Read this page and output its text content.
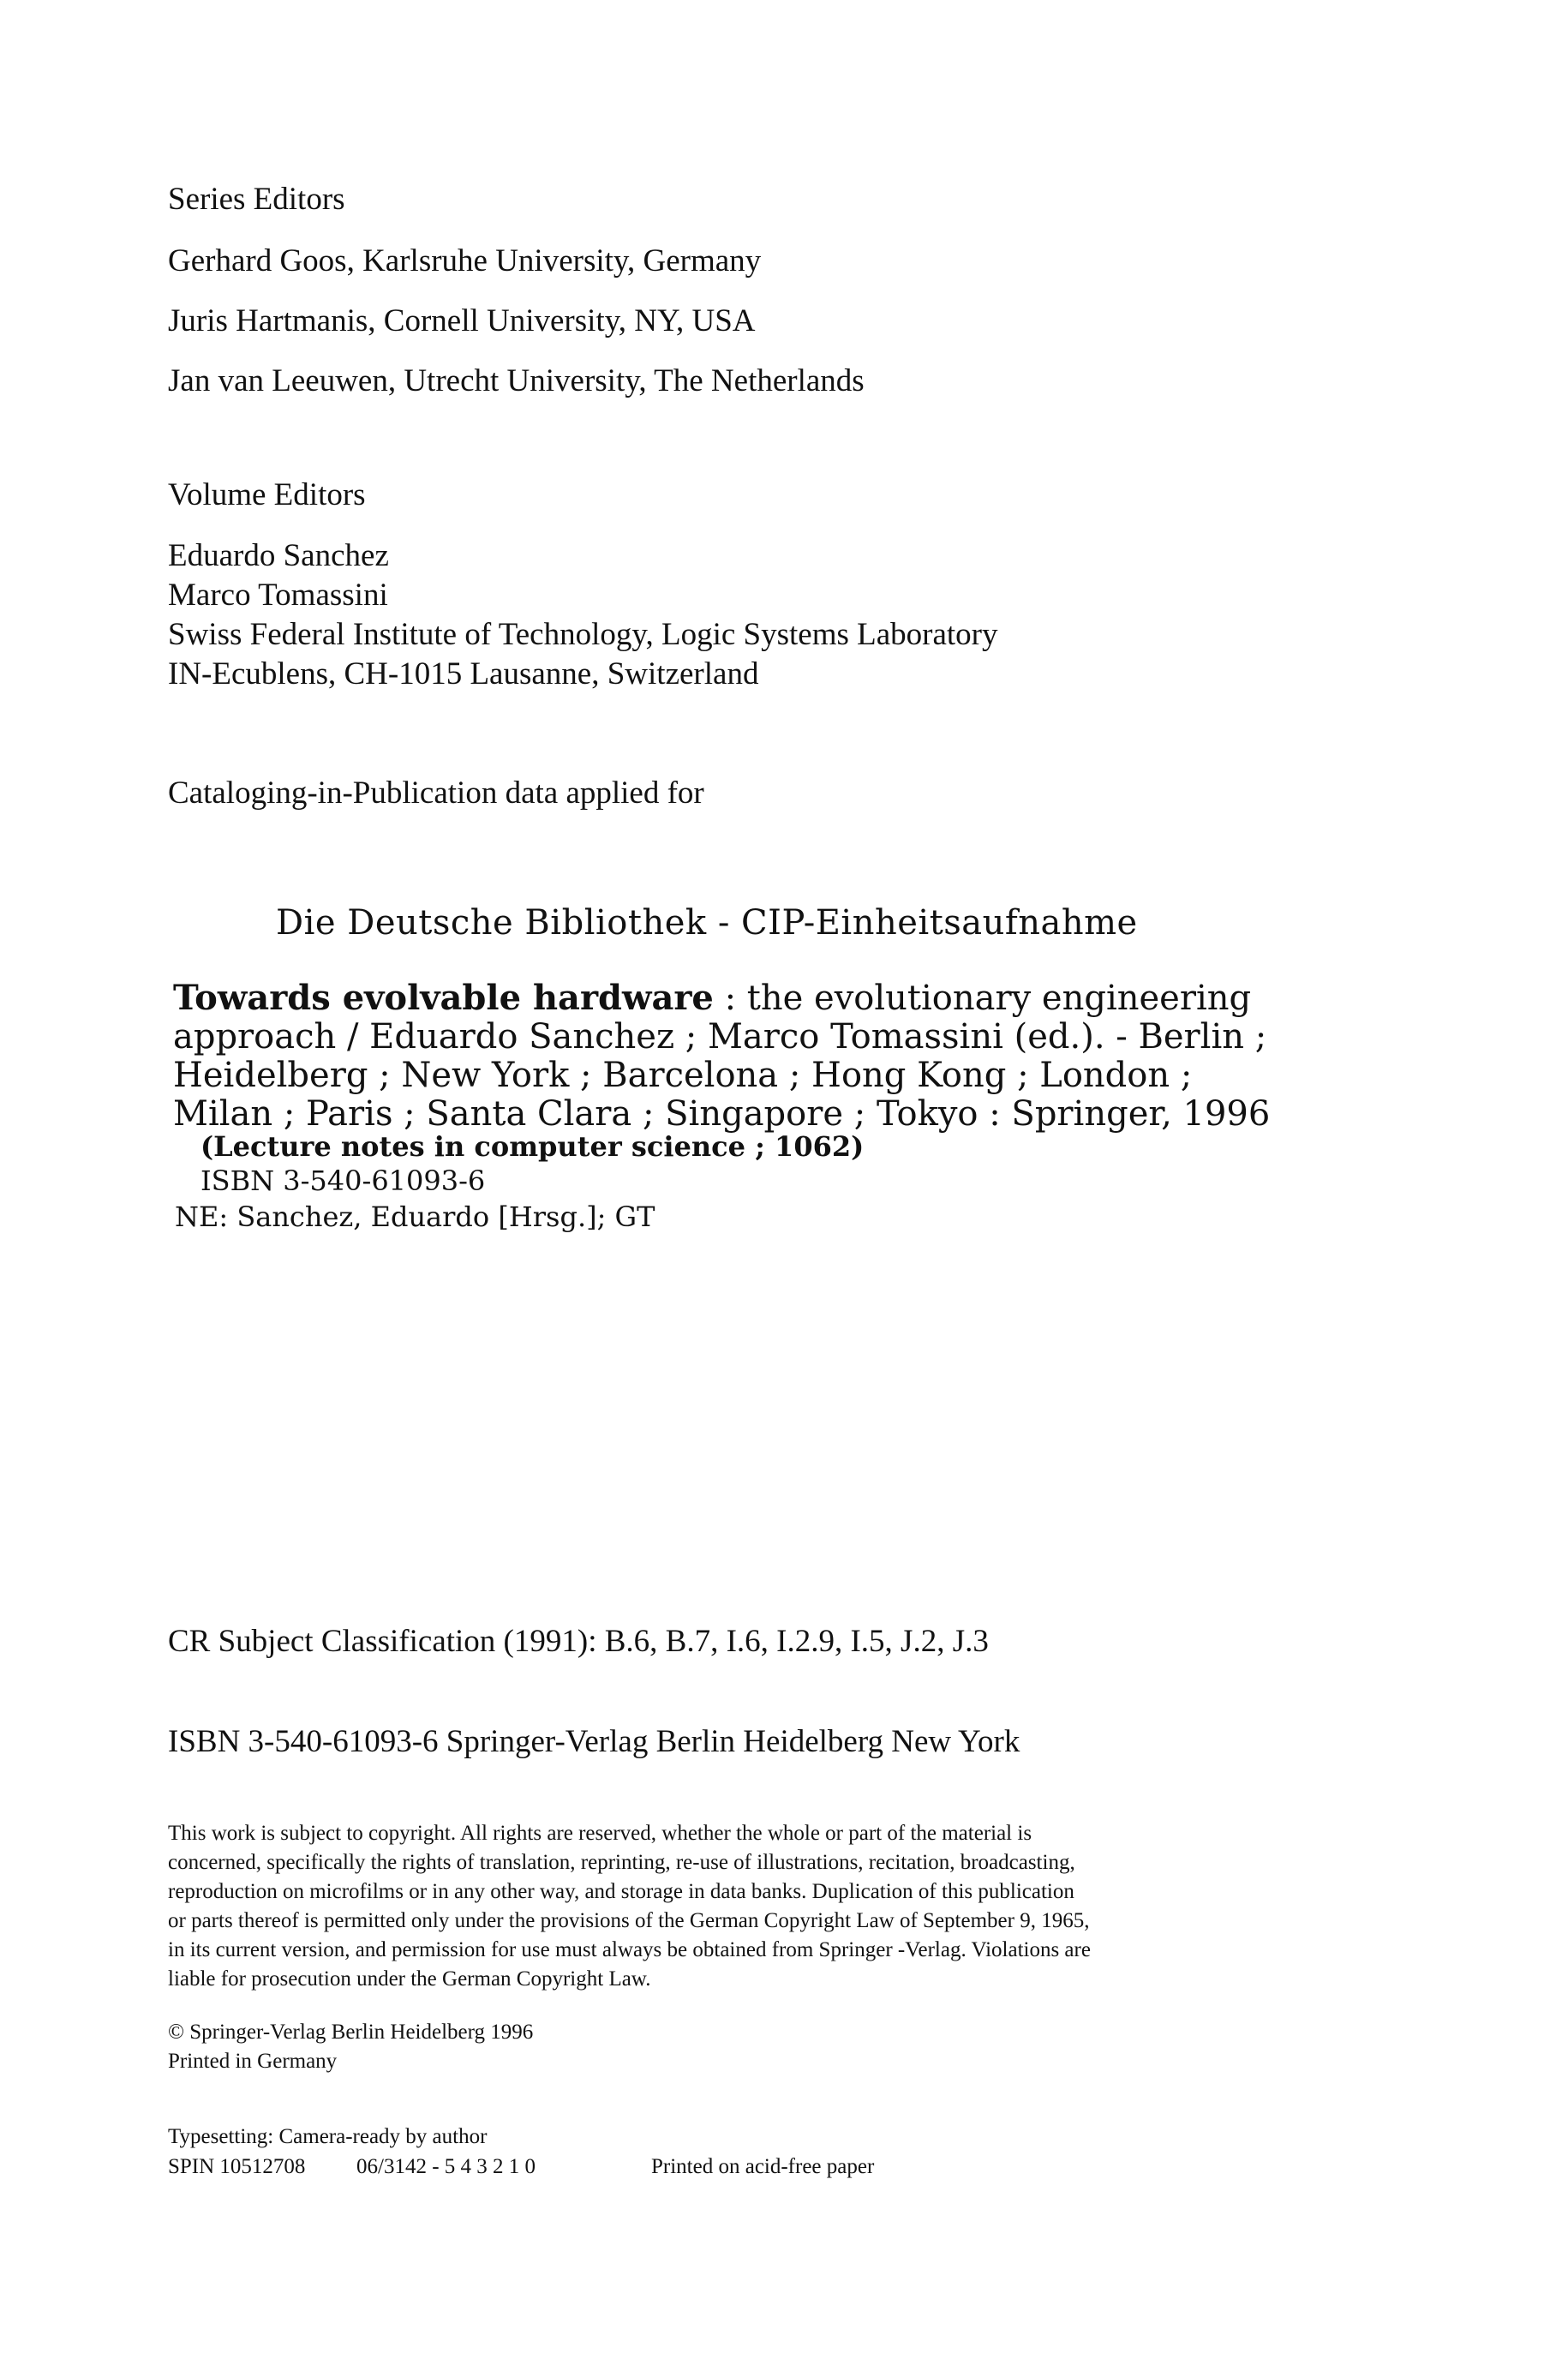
Series Editors

Gerhard Goos, Karlsruhe University, Germany

Juris Hartmanis, Cornell University, NY, USA

Jan van Leeuwen, Utrecht University, The Netherlands

Volume Editors

Eduardo Sanchez
Marco Tomassini
Swiss Federal Institute of Technology, Logic Systems Laboratory
IN-Ecublens, CH-1015 Lausanne, Switzerland

Cataloging-in-Publication data applied for

Die Deutsche Bibliothek - CIP-Einheitsaufnahme

Towards evolvable hardware : the evolutionary engineering
approach / Eduardo Sanchez ; Marco Tomassini (ed.). - Berlin ;
Heidelberg ; New York ; Barcelona ; Hong Kong ; London ;
Milan ; Paris ; Santa Clara ; Singapore ; Tokyo : Springer, 1996

(Lecture notes in computer science ; 1062)

ISBN 3-540-61093-6

NE: Sanchez, Eduardo [Hrsg.]; GT

CR Subject Classification (1991): B.6, B.7, I.6, I.2.9, I.5, J.2, J.3

ISBN 3-540-61093-6 Springer-Verlag Berlin Heidelberg New York

This work is subject to copyright. All rights are reserved, whether the whole or part of the material is
concerned, specifically the rights of translation, reprinting, re-use of illustrations, recitation, broadcasting,
reproduction on microfilms or in any other way, and storage in data banks. Duplication of this publication
or parts thereof is permitted only under the provisions of the German Copyright Law of September 9, 1965,
in its current version, and permission for use must always be obtained from Springer -Verlag. Violations are
liable for prosecution under the German Copyright Law.
© Springer-Verlag Berlin Heidelberg 1996
Printed in Germany

Typesetting: Camera-ready by author

SPIN 10512708 06/3142 - 5 4 3 2 1 0	Printed on acid-free paper
